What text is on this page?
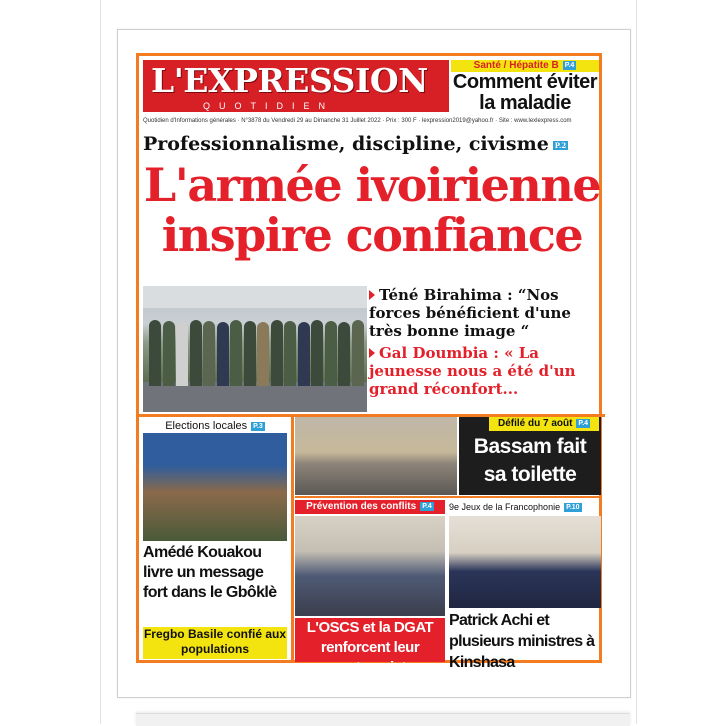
L'EXPRESSION
QUOTIDIEN
Santé / Hépatite B P.4
Comment éviter la maladie
Quotidien d'Informations générales · N°3878 du Vendredi 29 au Dimanche 31 Juillet 2022 · Prix : 300 F · lexpression2019@yahoo.fr · Site : www.lexlexpress.com
Professionnalisme, discipline, civisme P.2
L'armée ivoirienne inspire confiance
Téné Birahima : “Nos forces bénéficient d'une très bonne image “
Gal Doumbia : « La jeunesse nous a été d'un grand réconfort...
Elections locales P.3
Amédé Kouakou livre un message fort dans le Gbôklè
Fregbo Basile confié aux populations
Défilé du 7 août P.4
Bassam fait sa toilette
Prévention des conflits P.4
L'OSCS et la DGAT renforcent leur partenariat
9e Jeux de la Francophonie P.10
Patrick Achi et plusieurs ministres à Kinshasa
